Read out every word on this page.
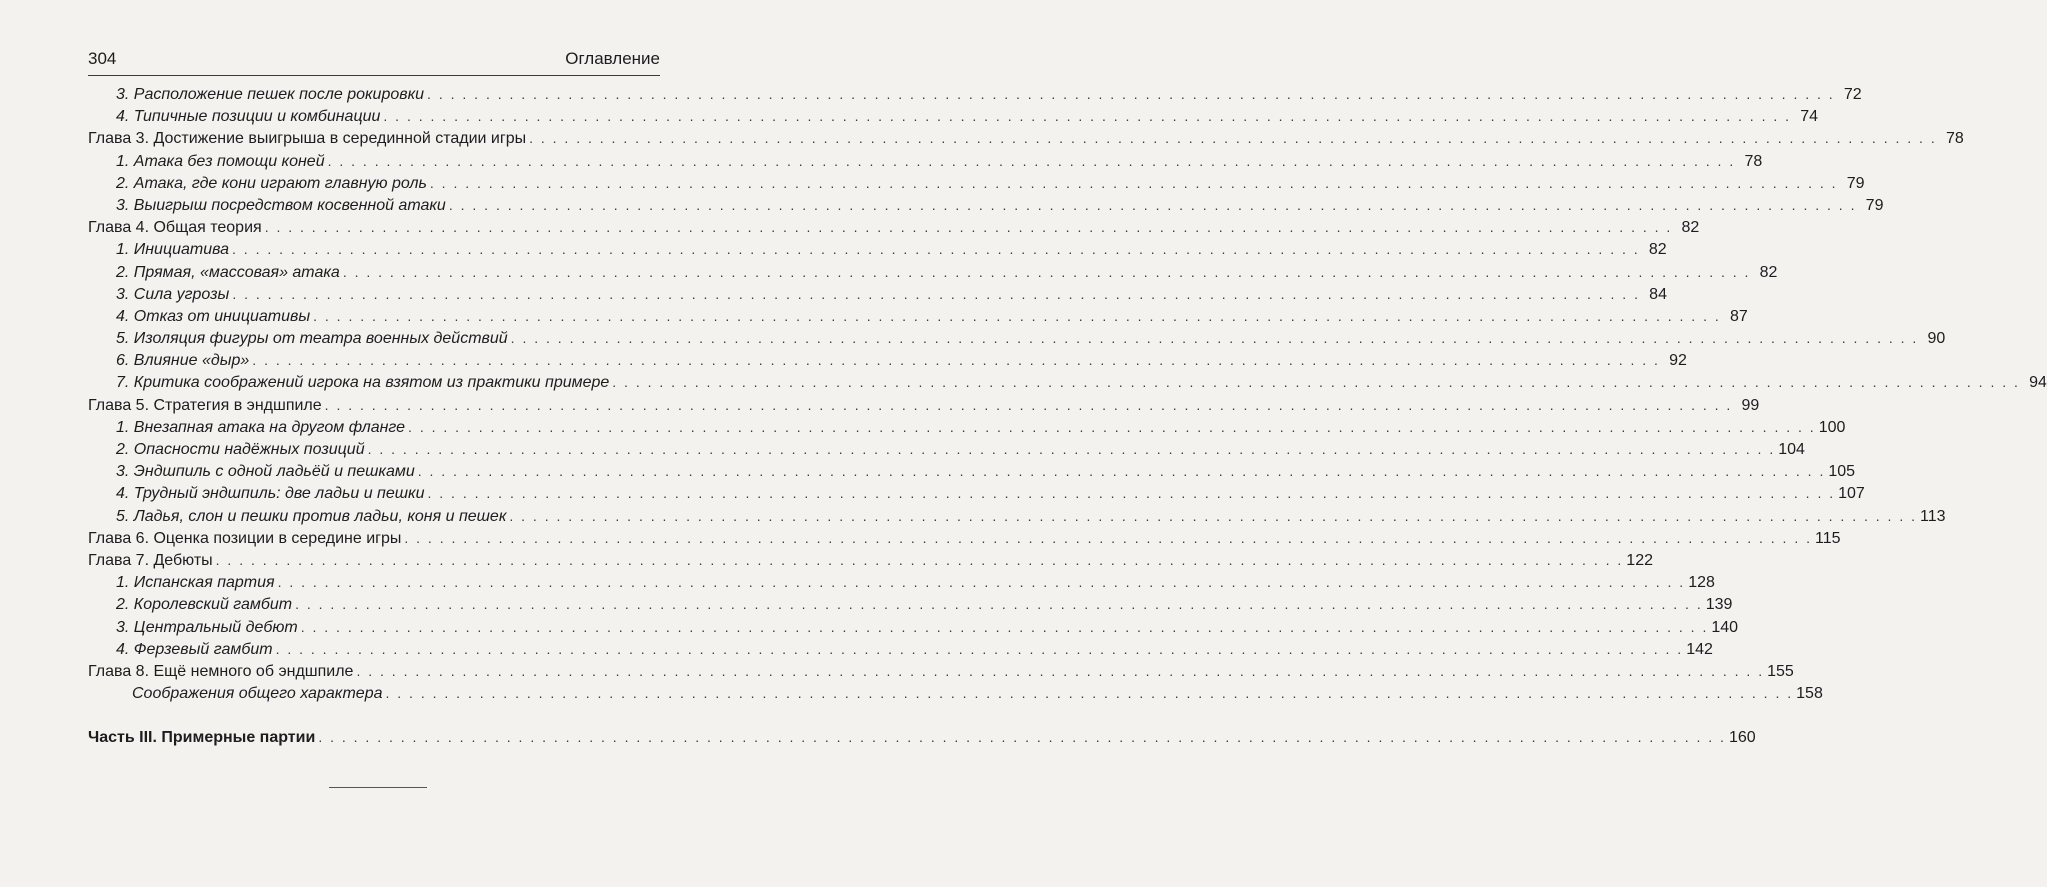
304	Оглавление
3. Расположение пешек после рокировки . . . . . . . . . . . . . . . . . . . . . . . . . . . . . . . . . . . . . . . . . . . . . . . . . . . . . . . . . . . . . . . . . . . . . . . . . . . . . . . . . . . . . . . . . . . . . . . . . . . . . . . . . . . . . . . . . . . . . . . . 72
4. Типичные позиции и комбинации . . . . . . . . . . . . . . . . . . . . . . . . . . . . . . . . . . . . . . . . . . . . . . . . . . . . . . . . . . . . . . . . . . . . . . . . . . . . . . . . . . . . . . . . . . . . . . . . . . . . . . . . . . . . . . . . . . . . . . . . 74
Глава 3. Достижение выигрыша в серединной стадии игры . . . . . . . . . . . . . . . . . . . . . . . . . . . . . . . . . . . . . . . . . . . . . . . . . . . . . . . . . . . . . . . . . . . . . . . . . . . . . . . . . . . . . . . . . . . . . . . . . . . . . . . . . . . . . . . . . . . . . . . . 78
1. Атака без помощи коней . . . . . . . . . . . . . . . . . . . . . . . . . . . . . . . . . . . . . . . . . . . . . . . . . . . . . . . . . . . . . . . . . . . . . . . . . . . . . . . . . . . . . . . . . . . . . . . . . . . . . . . . . . . . . . . . . . . . . . . . 78
2. Атака, где кони играют главную роль . . . . . . . . . . . . . . . . . . . . . . . . . . . . . . . . . . . . . . . . . . . . . . . . . . . . . . . . . . . . . . . . . . . . . . . . . . . . . . . . . . . . . . . . . . . . . . . . . . . . . . . . . . . . . . . . . . . . . . . . 79
3. Выигрыш посредством косвенной атаки . . . . . . . . . . . . . . . . . . . . . . . . . . . . . . . . . . . . . . . . . . . . . . . . . . . . . . . . . . . . . . . . . . . . . . . . . . . . . . . . . . . . . . . . . . . . . . . . . . . . . . . . . . . . . . . . . . . . . . . . 79
Глава 4. Общая теория . . . . . . . . . . . . . . . . . . . . . . . . . . . . . . . . . . . . . . . . . . . . . . . . . . . . . . . . . . . . . . . . . . . . . . . . . . . . . . . . . . . . . . . . . . . . . . . . . . . . . . . . . . . . . . . . . . . . . . . . 82
1. Инициатива . . . . . . . . . . . . . . . . . . . . . . . . . . . . . . . . . . . . . . . . . . . . . . . . . . . . . . . . . . . . . . . . . . . . . . . . . . . . . . . . . . . . . . . . . . . . . . . . . . . . . . . . . . . . . . . . . . . . . . . . 82
2. Прямая, «массовая» атака . . . . . . . . . . . . . . . . . . . . . . . . . . . . . . . . . . . . . . . . . . . . . . . . . . . . . . . . . . . . . . . . . . . . . . . . . . . . . . . . . . . . . . . . . . . . . . . . . . . . . . . . . . . . . . . . . . . . . . . . 82
3. Сила угрозы . . . . . . . . . . . . . . . . . . . . . . . . . . . . . . . . . . . . . . . . . . . . . . . . . . . . . . . . . . . . . . . . . . . . . . . . . . . . . . . . . . . . . . . . . . . . . . . . . . . . . . . . . . . . . . . . . . . . . . . . 84
4. Отказ от инициативы . . . . . . . . . . . . . . . . . . . . . . . . . . . . . . . . . . . . . . . . . . . . . . . . . . . . . . . . . . . . . . . . . . . . . . . . . . . . . . . . . . . . . . . . . . . . . . . . . . . . . . . . . . . . . . . . . . . . . . . . 87
5. Изоляция фигуры от театра военных действий . . . . . . . . . . . . . . . . . . . . . . . . . . . . . . . . . . . . . . . . . . . . . . . . . . . . . . . . . . . . . . . . . . . . . . . . . . . . . . . . . . . . . . . . . . . . . . . . . . . . . . . . . . . . . . . . . . . . . . . . 90
6. Влияние «дыр» . . . . . . . . . . . . . . . . . . . . . . . . . . . . . . . . . . . . . . . . . . . . . . . . . . . . . . . . . . . . . . . . . . . . . . . . . . . . . . . . . . . . . . . . . . . . . . . . . . . . . . . . . . . . . . . . . . . . . . . . 92
7. Критика соображений игрока на взятом из практики примере . . . . . . . . . . . . . . . . . . . . . . . . . . . . . . . . . . . . . . . . . . . . . . . . . . . . . . . . . . . . . . . . . . . . . . . . . . . . . . . . . . . . . . . . . . . . . . . . . . . . . . . . . . . . . . . . . . . . . . . . 94
Глава 5. Стратегия в эндшпиле . . . . . . . . . . . . . . . . . . . . . . . . . . . . . . . . . . . . . . . . . . . . . . . . . . . . . . . . . . . . . . . . . . . . . . . . . . . . . . . . . . . . . . . . . . . . . . . . . . . . . . . . . . . . . . . . . . . . . . . . 99
1. Внезапная атака на другом фланге . . . . . . . . . . . . . . . . . . . . . . . . . . . . . . . . . . . . . . . . . . . . . . . . . . . . . . . . . . . . . . . . . . . . . . . . . . . . . . . . . . . . . . . . . . . . . . . . . . . . . . . . . . . . . . . . . . . . . . . . 100
2. Опасности надёжных позиций . . . . . . . . . . . . . . . . . . . . . . . . . . . . . . . . . . . . . . . . . . . . . . . . . . . . . . . . . . . . . . . . . . . . . . . . . . . . . . . . . . . . . . . . . . . . . . . . . . . . . . . . . . . . . . . . . . . . . . . . 104
3. Эндшпиль с одной ладьёй и пешками . . . . . . . . . . . . . . . . . . . . . . . . . . . . . . . . . . . . . . . . . . . . . . . . . . . . . . . . . . . . . . . . . . . . . . . . . . . . . . . . . . . . . . . . . . . . . . . . . . . . . . . . . . . . . . . . . . . . . . . . 105
4. Трудный эндшпиль: две ладьи и пешки . . . . . . . . . . . . . . . . . . . . . . . . . . . . . . . . . . . . . . . . . . . . . . . . . . . . . . . . . . . . . . . . . . . . . . . . . . . . . . . . . . . . . . . . . . . . . . . . . . . . . . . . . . . . . . . . . . . . . . . . 107
5. Ладья, слон и пешки против ладьи, коня и пешек . . . . . . . . . . . . . . . . . . . . . . . . . . . . . . . . . . . . . . . . . . . . . . . . . . . . . . . . . . . . . . . . . . . . . . . . . . . . . . . . . . . . . . . . . . . . . . . . . . . . . . . . . . . . . . . . . . . . . . . . 113
Глава 6. Оценка позиции в середине игры . . . . . . . . . . . . . . . . . . . . . . . . . . . . . . . . . . . . . . . . . . . . . . . . . . . . . . . . . . . . . . . . . . . . . . . . . . . . . . . . . . . . . . . . . . . . . . . . . . . . . . . . . . . . . . . . . . . . . . . . 115
Глава 7. Дебюты . . . . . . . . . . . . . . . . . . . . . . . . . . . . . . . . . . . . . . . . . . . . . . . . . . . . . . . . . . . . . . . . . . . . . . . . . . . . . . . . . . . . . . . . . . . . . . . . . . . . . . . . . . . . . . . . . . . . . . . . 122
1. Испанская партия . . . . . . . . . . . . . . . . . . . . . . . . . . . . . . . . . . . . . . . . . . . . . . . . . . . . . . . . . . . . . . . . . . . . . . . . . . . . . . . . . . . . . . . . . . . . . . . . . . . . . . . . . . . . . . . . . . . . . . . . 128
2. Королевский гамбит . . . . . . . . . . . . . . . . . . . . . . . . . . . . . . . . . . . . . . . . . . . . . . . . . . . . . . . . . . . . . . . . . . . . . . . . . . . . . . . . . . . . . . . . . . . . . . . . . . . . . . . . . . . . . . . . . . . . . . . . 139
3. Центральный дебют . . . . . . . . . . . . . . . . . . . . . . . . . . . . . . . . . . . . . . . . . . . . . . . . . . . . . . . . . . . . . . . . . . . . . . . . . . . . . . . . . . . . . . . . . . . . . . . . . . . . . . . . . . . . . . . . . . . . . . . . 140
4. Ферзевый гамбит . . . . . . . . . . . . . . . . . . . . . . . . . . . . . . . . . . . . . . . . . . . . . . . . . . . . . . . . . . . . . . . . . . . . . . . . . . . . . . . . . . . . . . . . . . . . . . . . . . . . . . . . . . . . . . . . . . . . . . . . 142
Глава 8. Ещё немного об эндшпиле . . . . . . . . . . . . . . . . . . . . . . . . . . . . . . . . . . . . . . . . . . . . . . . . . . . . . . . . . . . . . . . . . . . . . . . . . . . . . . . . . . . . . . . . . . . . . . . . . . . . . . . . . . . . . . . . . . . . . . . . 155
Соображения общего характера . . . . . . . . . . . . . . . . . . . . . . . . . . . . . . . . . . . . . . . . . . . . . . . . . . . . . . . . . . . . . . . . . . . . . . . . . . . . . . . . . . . . . . . . . . . . . . . . . . . . . . . . . . . . . . . . . . . . . . . . 158
Часть III. Примерные партии . . . . . . . . . . . . . . . . . . . . . . . . . . . . . . . . . . . . . . . . . . . . . . . . . . . . . . . . . . . . . . . . . . . . . . . . . . . . . . . . . . . . . . . . . . . . . . . . . . . . . . . . . . . . . . . . . . . . . . . . 160
